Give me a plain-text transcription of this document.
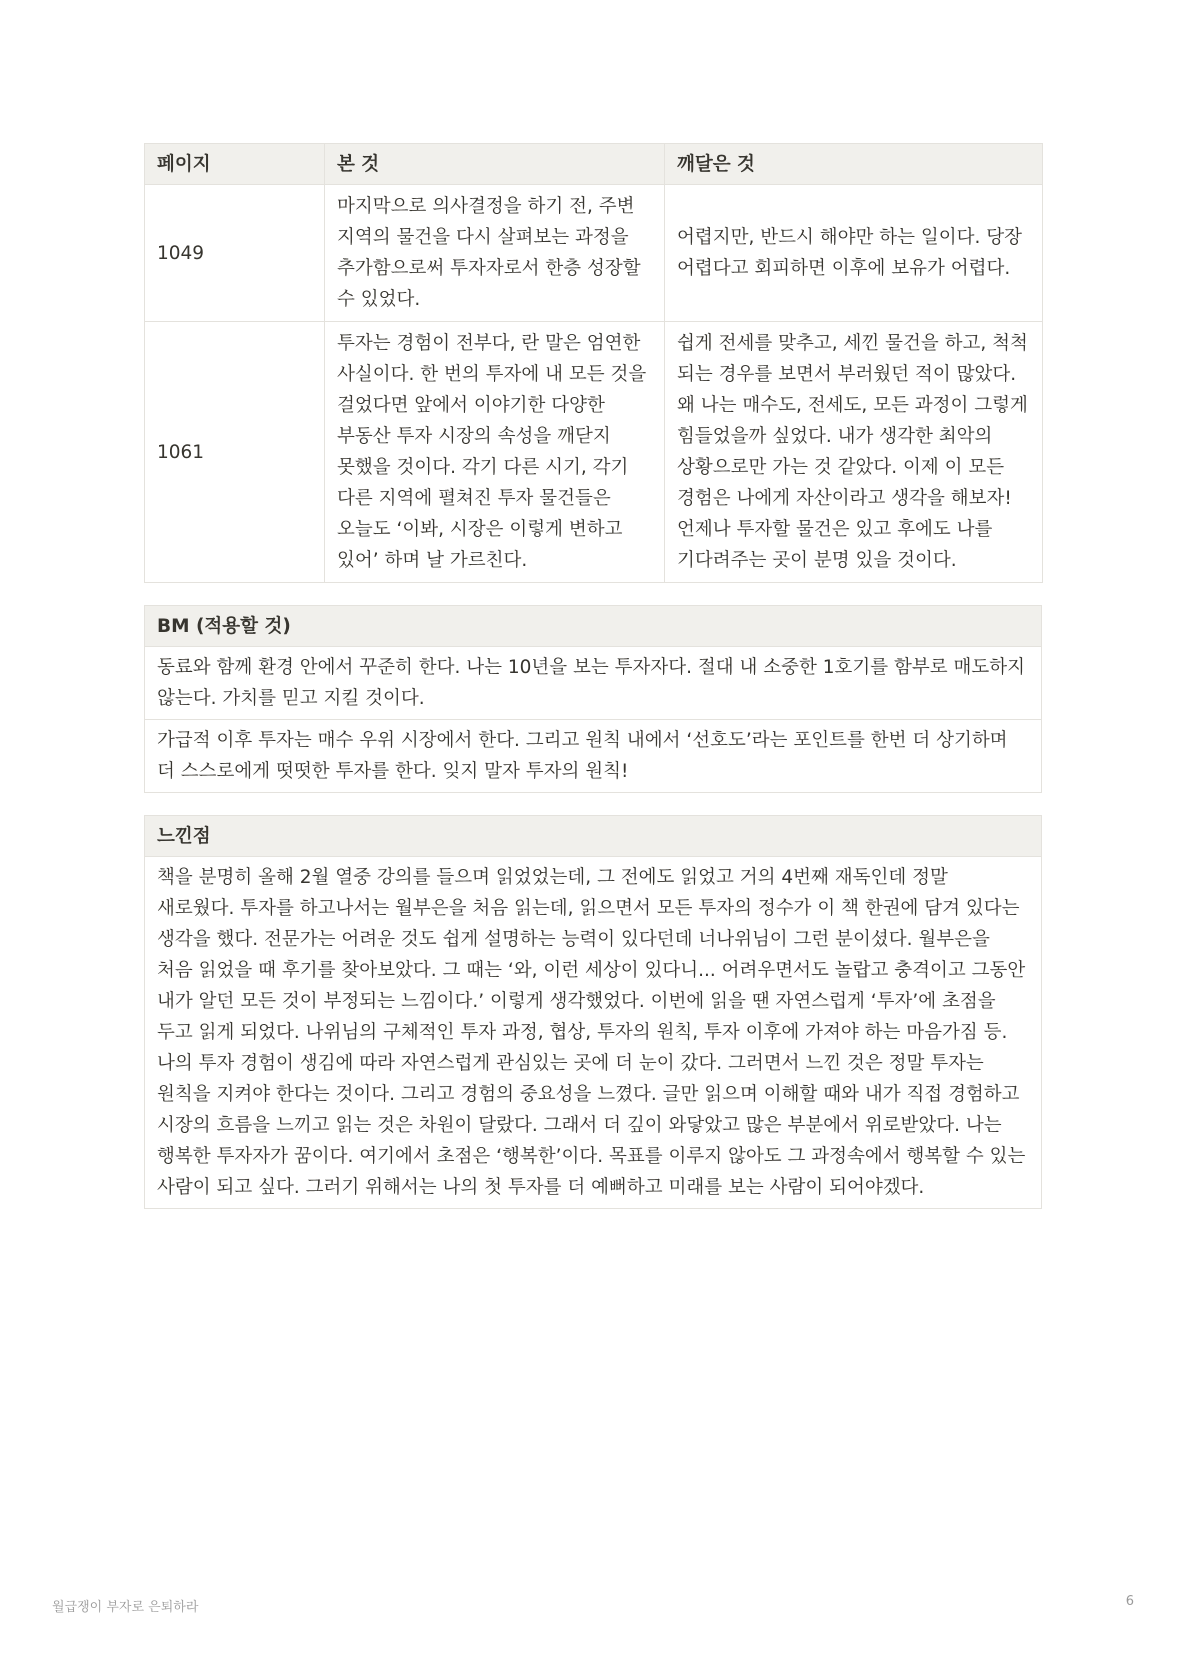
페이지	본 것	깨달은 것
1049	마지막으로 의사결정을 하기 전, 주변 지역의 물건을 다시 살펴보는 과정을 추가함으로써 투자자로서 한층 성장할 수 있었다.	어렵지만, 반드시 해야만 하는 일이다. 당장 어렵다고 회피하면 이후에 보유가 어렵다.
1061	투자는 경험이 전부다, 란 말은 엄연한 사실이다. 한 번의 투자에 내 모든 것을 걸었다면 앞에서 이야기한 다양한 부동산 투자 시장의 속성을 깨닫지 못했을 것이다. 각기 다른 시기, 각기 다른 지역에 펼쳐진 투자 물건들은 오늘도 ‘이봐, 시장은 이렇게 변하고 있어’ 하며 날 가르친다.	쉽게 전세를 맞추고, 세낀 물건을 하고, 척척 되는 경우를 보면서 부러웠던 적이 많았다. 왜 나는 매수도, 전세도, 모든 과정이 그렇게 힘들었을까 싶었다. 내가 생각한 최악의 상황으로만 가는 것 같았다. 이제 이 모든 경험은 나에게 자산이라고 생각을 해보자! 언제나 투자할 물건은 있고 후에도 나를 기다려주는 곳이 분명 있을 것이다.
BM (적용할 것)
동료와 함께 환경 안에서 꾸준히 한다. 나는 10년을 보는 투자자다. 절대 내 소중한 1호기를 함부로 매도하지 않는다. 가치를 믿고 지킬 것이다.
가급적 이후 투자는 매수 우위 시장에서 한다. 그리고 원칙 내에서 ‘선호도’라는 포인트를 한번 더 상기하며 더 스스로에게 떳떳한 투자를 한다. 잊지 말자 투자의 원칙!
느낀점
책을 분명히 올해 2월 열중 강의를 들으며 읽었었는데, 그 전에도 읽었고 거의 4번째 재독인데 정말 새로웠다. 투자를 하고나서는 월부은을 처음 읽는데, 읽으면서 모든 투자의 정수가 이 책 한권에 담겨 있다는 생각을 했다. 전문가는 어려운 것도 쉽게 설명하는 능력이 있다던데 너나위님이 그런 분이셨다. 월부은을 처음 읽었을 때 후기를 찾아보았다. 그 때는 ‘와, 이런 세상이 있다니... 어려우면서도 놀랍고 충격이고 그동안 내가 알던 모든 것이 부정되는 느낌이다.’ 이렇게 생각했었다. 이번에 읽을 땐 자연스럽게 ‘투자’에 초점을 두고 읽게 되었다. 나위님의 구체적인 투자 과정, 협상, 투자의 원칙, 투자 이후에 가져야 하는 마음가짐 등. 나의 투자 경험이 생김에 따라 자연스럽게 관심있는 곳에 더 눈이 갔다. 그러면서 느낀 것은 정말 투자는 원칙을 지켜야 한다는 것이다. 그리고 경험의 중요성을 느꼈다. 글만 읽으며 이해할 때와 내가 직접 경험하고 시장의 흐름을 느끼고 읽는 것은 차원이 달랐다. 그래서 더 깊이 와닿았고 많은 부분에서 위로받았다. 나는 행복한 투자자가 꿈이다. 여기에서 초점은 ‘행복한’이다. 목표를 이루지 않아도 그 과정속에서 행복할 수 있는 사람이 되고 싶다. 그러기 위해서는 나의 첫 투자를 더 예뻐하고 미래를 보는 사람이 되어야겠다.
월급쟁이 부자로 은퇴하라	6
